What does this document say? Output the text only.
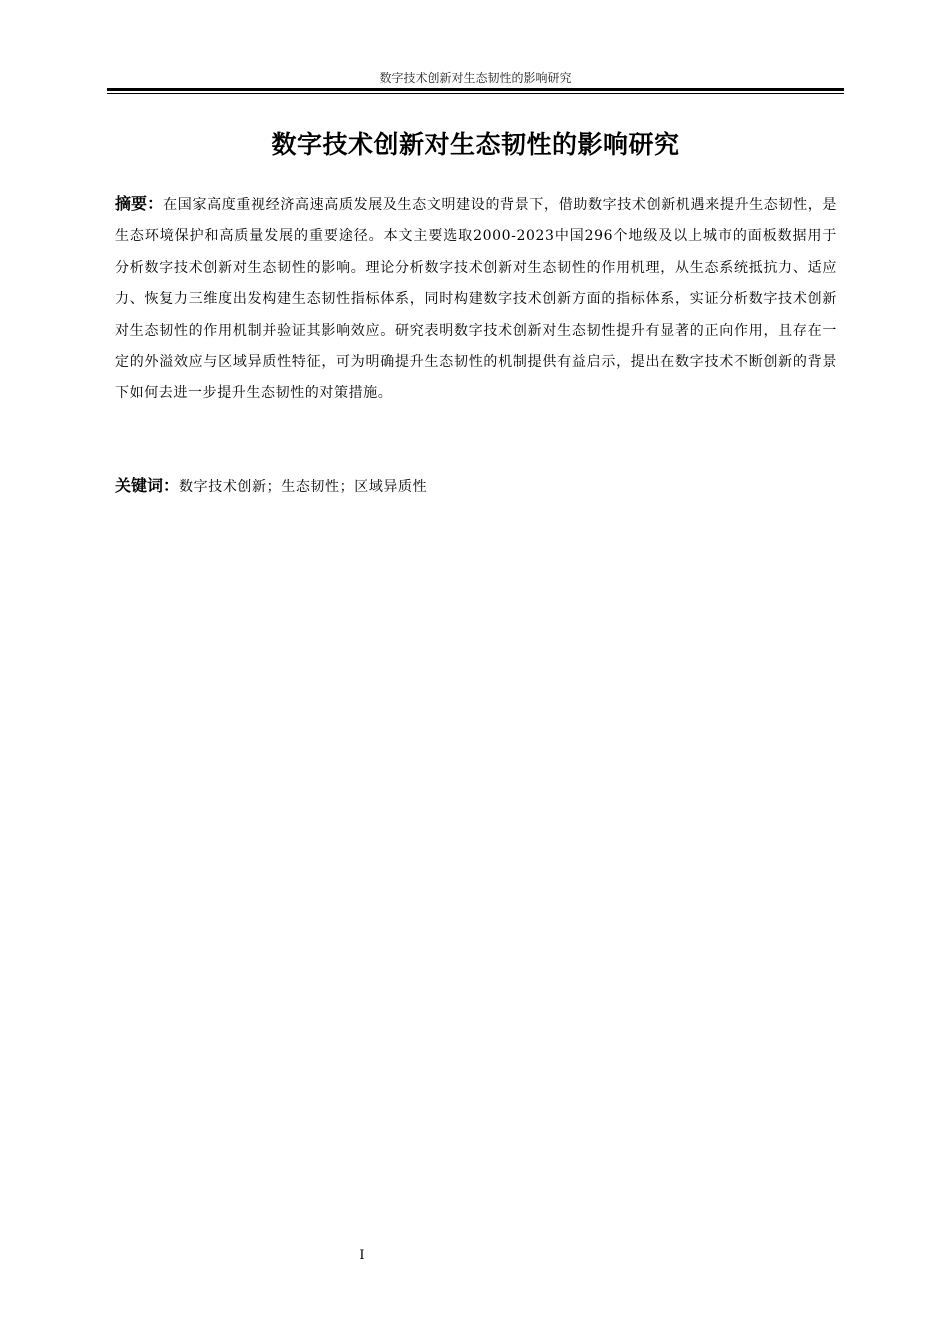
数字技术创新对生态韧性的影响研究
数字技术创新对生态韧性的影响研究

摘要：在国家高度重视经济高速高质发展及生态文明建设的背景下，借助数字技术创新机遇来提升生态韧性，是生态环境保护和高质量发展的重要途径。本文主要选取2000-2023中国296个地级及以上城市的面板数据用于分析数字技术创新对生态韧性的影响。理论分析数字技术创新对生态韧性的作用机理，从生态系统抵抗力、适应力、恢复力三维度出发构建生态韧性指标体系，同时构建数字技术创新方面的指标体系，实证分析数字技术创新对生态韧性的作用机制并验证其影响效应。研究表明数字技术创新对生态韧性提升有显著的正向作用，且存在一定的外溢效应与区域异质性特征，可为明确提升生态韧性的机制提供有益启示，提出在数字技术不断创新的背景下如何去进一步提升生态韧性的对策措施。

关键词：数字技术创新；生态韧性；区域异质性

I
